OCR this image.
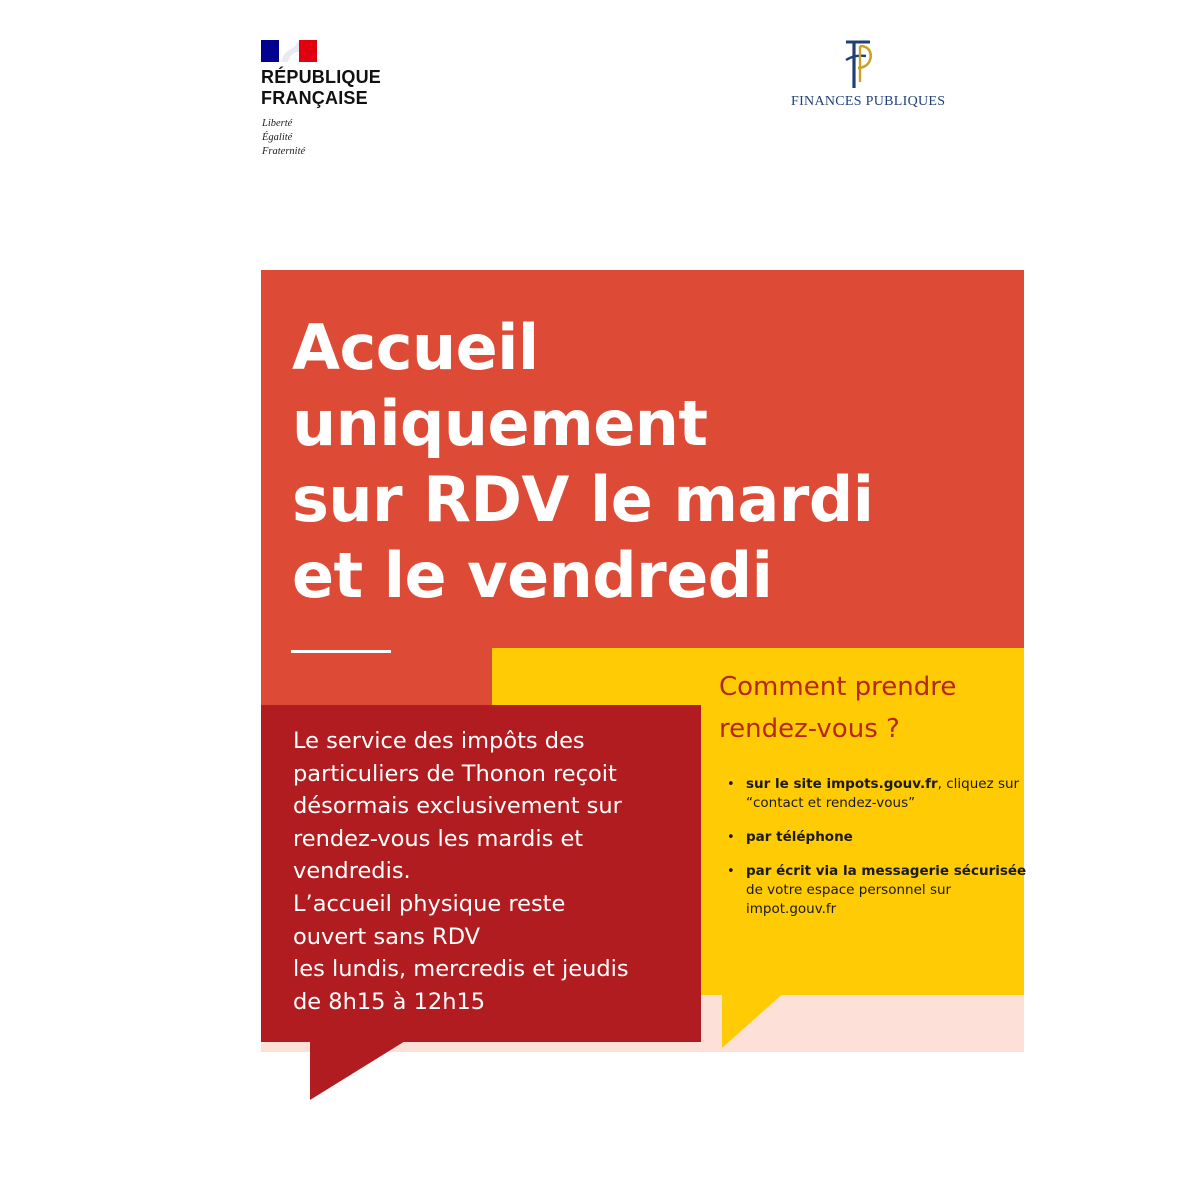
RÉPUBLIQUE
FRANÇAISE
Liberté
Égalité
Fraternité
FINANCES PUBLIQUES
Accueil
uniquement
sur RDV le mardi
et le vendredi
Comment prendre
rendez-vous ?
• sur le site impots.gouv.fr, cliquez sur “contact et rendez-vous”
• par téléphone
• par écrit via la messagerie sécurisée de votre espace personnel sur impot.gouv.fr

Le service des impôts des
particuliers de Thonon reçoit
désormais exclusivement sur
rendez-vous les mardis et
vendredis.
L’accueil physique reste
ouvert sans RDV
les lundis, mercredis et jeudis
de 8h15 à 12h15
